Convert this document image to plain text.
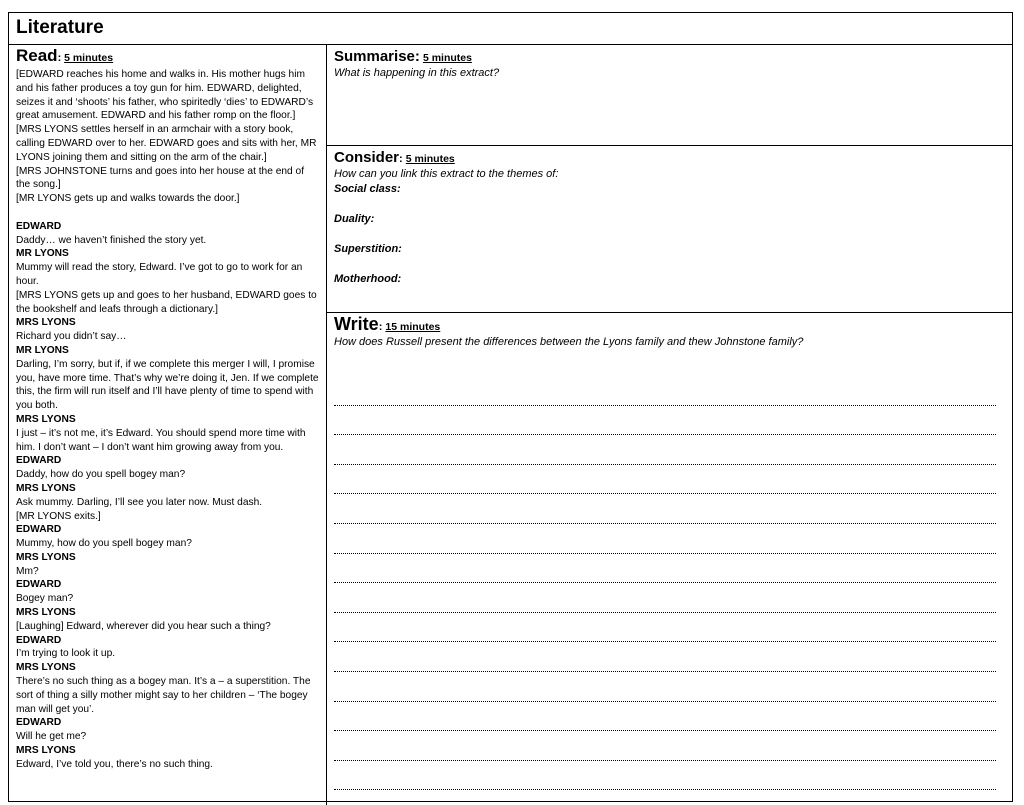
Literature
Read: 5 minutes
[EDWARD reaches his home and walks in. His mother hugs him and his father produces a toy gun for him. EDWARD, delighted, seizes it and ‘shoots’ his father, who spiritedly ‘dies’ to EDWARD’s great amusement. EDWARD and his father romp on the floor.]
[MRS LYONS settles herself in an armchair with a story book, calling EDWARD over to her. EDWARD goes and sits with her, MR LYONS joining them and sitting on the arm of the chair.]
[MRS JOHNSTONE turns and goes into her house at the end of the song.]
[MR LYONS gets up and walks towards the door.]
EDWARD
Daddy… we haven’t finished the story yet.
MR LYONS
Mummy will read the story, Edward. I’ve got to go to work for an hour.
[MRS LYONS gets up and goes to her husband, EDWARD goes to the bookshelf and leafs through a dictionary.]
MRS LYONS
Richard you didn’t say…
MR LYONS
Darling, I’m sorry, but if, if we complete this merger I will, I promise you, have more time. That’s why we’re doing it, Jen. If we complete this, the firm will run itself and I’ll have plenty of time to spend with you both.
MRS LYONS
I just – it’s not me, it’s Edward. You should spend more time with him. I don’t want – I don’t want him growing away from you.
EDWARD
Daddy, how do you spell bogey man?
MRS LYONS
Ask mummy. Darling, I’ll see you later now. Must dash.
[MR LYONS exits.]
EDWARD
Mummy, how do you spell bogey man?
MRS LYONS
Mm?
EDWARD
Bogey man?
MRS LYONS
[Laughing] Edward, wherever did you hear such a thing?
EDWARD
I’m trying to look it up.
MRS LYONS
There’s no such thing as a bogey man. It’s a – a superstition. The sort of thing a silly mother might say to her children – ‘The bogey man will get you’.
EDWARD
Will he get me?
MRS LYONS
Edward, I’ve told you, there’s no such thing.
Summarise: 5 minutes
What is happening in this extract?
Consider: 5 minutes
How can you link this extract to the themes of:
Social class:
Duality:
Superstition:
Motherhood:
Write: 15 minutes
How does Russell present the differences between the Lyons family and thew Johnstone family?
